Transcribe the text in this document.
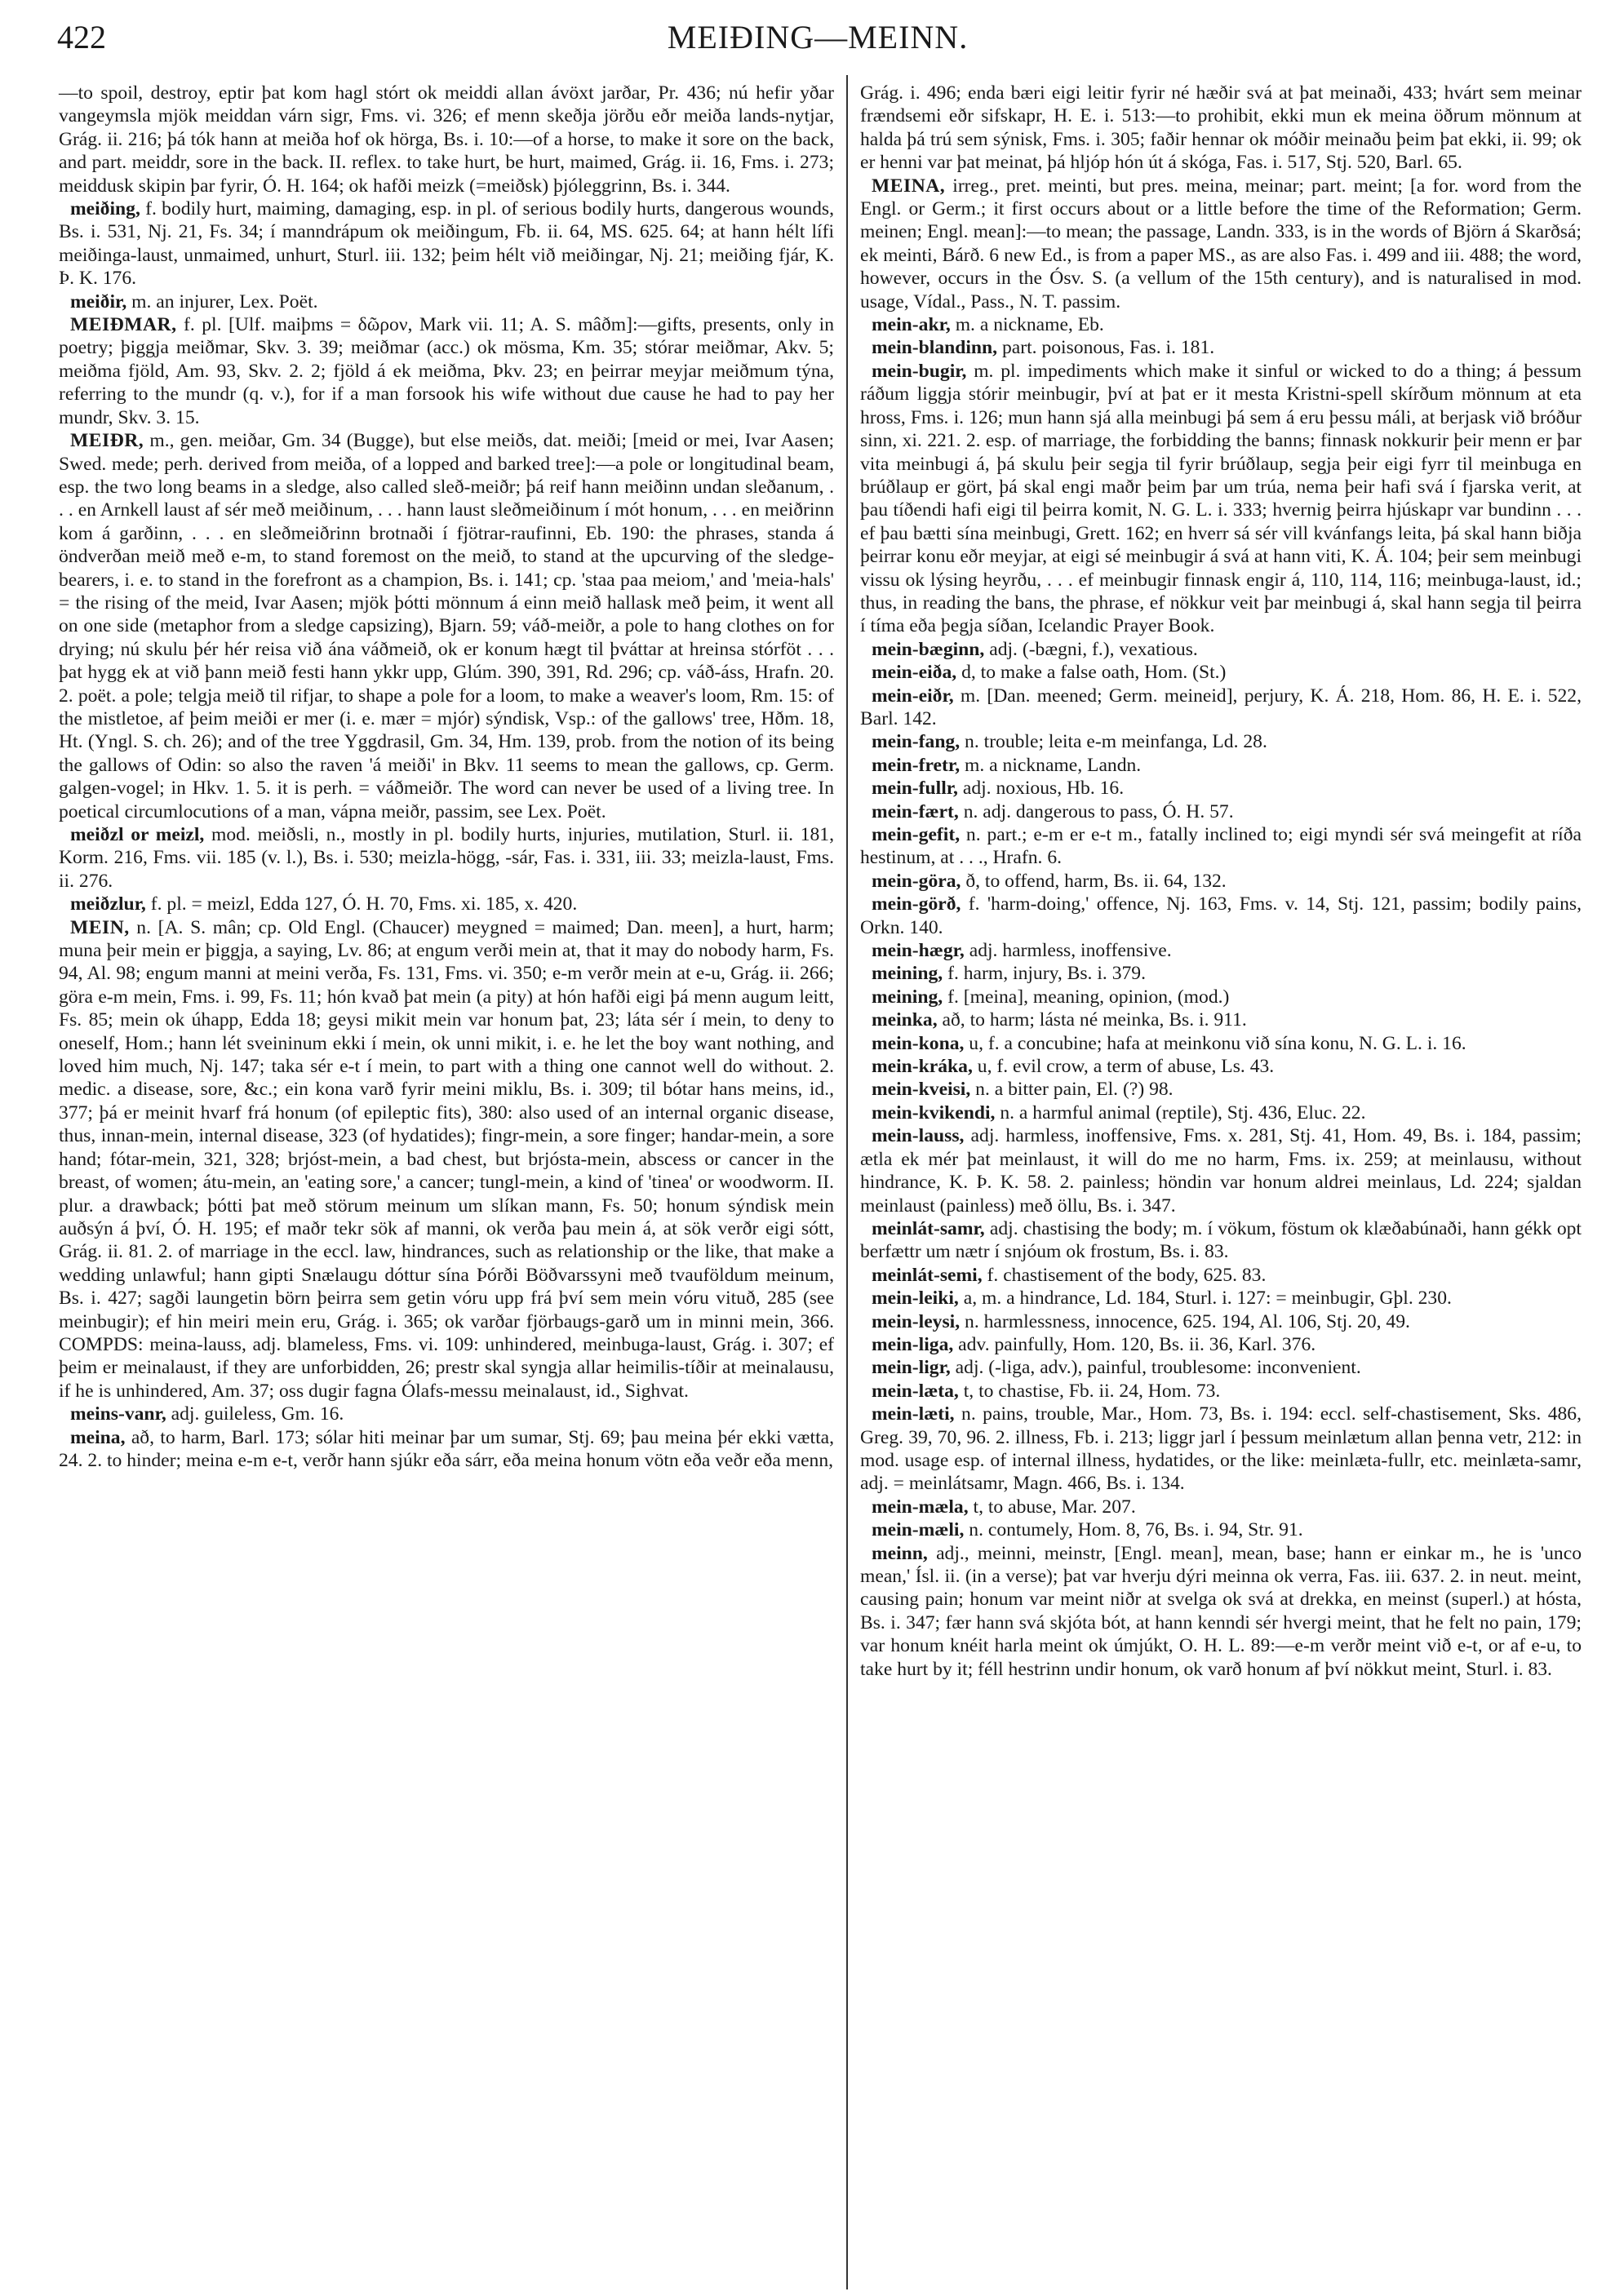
422	MEIÐING—MEINN.

—to spoil, destroy, eptir þat kom hagl stórt ok meiddi allan ávöxt jarðar, Pr. 436; nú hefir yðar vangeymsla mjök meiddan várn sigr, Fms. vi. 326; ef menn skeðja jörðu eðr meiða lands-nytjar, Grág. ii. 216; þá tók hann at meiða hof ok hörga, Bs. i. 10:—of a horse, to make it sore on the back, and part. meiddr, sore in the back. II. reflex. to take hurt, be hurt, maimed, Grág. ii. 16, Fms. i. 273; meiddusk skipin þar fyrir, Ó. H. 164; ok hafði meizk (=meiðsk) þjóleggrinn, Bs. i. 344.

meiðing, f. bodily hurt, maiming, damaging, esp. in pl. of serious bodily hurts, dangerous wounds, Bs. i. 531, Nj. 21, Fs. 34; í manndrápum ok meiðingum, Fb. ii. 64, MS. 625. 64; at hann hélt lífi meiðinga-laust, unmaimed, unhurt, Sturl. iii. 132; þeim hélt við meiðingar, Nj. 21; meiðing fjár, K. Þ. K. 176.

meiðir, m. an injurer, Lex. Poët.

MEIÐMAR, f. pl. [Ulf. maiþms = δῶρον, Mark vii. 11; A. S. mâðm]:—gifts, presents, only in poetry; þiggja meiðmar, Skv. 3. 39; meiðmar (acc.) ok mösma, Km. 35; stórar meiðmar, Akv. 5; meiðma fjöld, Am. 93, Skv. 2. 2; fjöld á ek meiðma, Þkv. 23; en þeirrar meyjar meiðmum týna, referring to the mundr (q. v.), for if a man forsook his wife without due cause he had to pay her mundr, Skv. 3. 15.

MEIÐR, m., gen. meiðar, Gm. 34 (Bugge), but else meiðs, dat. meiði; [meid or mei, Ivar Aasen; Swed. mede; perh. derived from meiða, of a lopped and barked tree]:—a pole or longitudinal beam, esp. the two long beams in a sledge, also called sleð-meiðr; þá reif hann meiðinn undan sleðanum, . . . en Arnkell laust af sér með meiðinum, . . . hann laust sleðmeiðinum í mót honum, . . . en meiðrinn kom á garðinn, . . . en sleðmeiðrinn brotnaði í fjötrar-raufinni, Eb. 190: the phrases, standa á öndverðan meið með e-m, to stand foremost on the meið, to stand at the upcurving of the sledge-bearers, i. e. to stand in the forefront as a champion, Bs. i. 141; cp. 'staa paa meiom,' and 'meia-hals' = the rising of the meid, Ivar Aasen; mjök þótti mönnum á einn meið hallask með þeim, it went all on one side (metaphor from a sledge capsizing), Bjarn. 59; váð-meiðr, a pole to hang clothes on for drying; nú skulu þér hér reisa við ána váðmeið, ok er konum hægt til þváttar at hreinsa stórföt . . . þat hygg ek at við þann meið festi hann ykkr upp, Glúm. 390, 391, Rd. 296; cp. váð-áss, Hrafn. 20. 2. poët. a pole; telgja meið til rifjar, to shape a pole for a loom, to make a weaver's loom, Rm. 15: of the mistletoe, af þeim meiði er mer (i. e. mær = mjór) sýndisk, Vsp.: of the gallows' tree, Hðm. 18, Ht. (Yngl. S. ch. 26); and of the tree Yggdrasil, Gm. 34, Hm. 139, prob. from the notion of its being the gallows of Odin: so also the raven 'á meiði' in Bkv. 11 seems to mean the gallows, cp. Germ. galgen-vogel; in Hkv. 1. 5. it is perh. = váðmeiðr. The word can never be used of a living tree. In poetical circumlocutions of a man, vápna meiðr, passim, see Lex. Poët.

meiðzl or meizl, mod. meiðsli, n., mostly in pl. bodily hurts, injuries, mutilation, Sturl. ii. 181, Korm. 216, Fms. vii. 185 (v. l.), Bs. i. 530; meizla-högg, -sár, Fas. i. 331, iii. 33; meizla-laust, Fms. ii. 276.

meiðzlur, f. pl. = meizl, Edda 127, Ó. H. 70, Fms. xi. 185, x. 420.

MEIN, n. [A. S. mân; cp. Old Engl. (Chaucer) meygned = maimed; Dan. meen], a hurt, harm; muna þeir mein er þiggja, a saying, Lv. 86; at engum verði mein at, that it may do nobody harm, Fs. 94, Al. 98; engum manni at meini verða, Fs. 131, Fms. vi. 350; e-m verðr mein at e-u, Grág. ii. 266; göra e-m mein, Fms. i. 99, Fs. 11; hón kvað þat mein (a pity) at hón hafði eigi þá menn augum leitt, Fs. 85; mein ok úhapp, Edda 18; geysi mikit mein var honum þat, 23; láta sér í mein, to deny to oneself, Hom.; hann lét sveininum ekki í mein, ok unni mikit, i. e. he let the boy want nothing, and loved him much, Nj. 147; taka sér e-t í mein, to part with a thing one cannot well do without. 2. medic. a disease, sore, &c.; ein kona varð fyrir meini miklu, Bs. i. 309; til bótar hans meins, id., 377; þá er meinit hvarf frá honum (of epileptic fits), 380: also used of an internal organic disease, thus, innan-mein, internal disease, 323 (of hydatides); fingr-mein, a sore finger; handar-mein, a sore hand; fótar-mein, 321, 328; brjóst-mein, a bad chest, but brjósta-mein, abscess or cancer in the breast, of women; átu-mein, an 'eating sore,' a cancer; tungl-mein, a kind of 'tinea' or woodworm. II. plur. a drawback; þótti þat með störum meinum um slíkan mann, Fs. 50; honum sýndisk mein auðsýn á því, Ó. H. 195; ef maðr tekr sök af manni, ok verða þau mein á, at sök verðr eigi sótt, Grág. ii. 81. 2. of marriage in the eccl. law, hindrances, such as relationship or the like, that make a wedding unlawful; hann gipti Snælaugu dóttur sína Þórði Böðvarssyni með tvauföldum meinum, Bs. i. 427; sagði laungetin börn þeirra sem getin vóru upp frá því sem mein vóru vituð, 285 (see meinbugir); ef hin meiri mein eru, Grág. i. 365; ok varðar fjörbaugs-garð um in minni mein, 366. COMPDS: meina-lauss, adj. blameless, Fms. vi. 109: unhindered, meinbuga-laust, Grág. i. 307; ef þeim er meinalaust, if they are unforbidden, 26; prestr skal syngja allar heimilis-tíðir at meinalausu, if he is unhindered, Am. 37; oss dugir fagna Ólafs-messu meinalaust, id., Sighvat.

meins-vanr, adj. guileless, Gm. 16.

meina, að, to harm, Barl. 173; sólar hiti meinar þar um sumar, Stj. 69; þau meina þér ekki vætta, 24. 2. to hinder; meina e-m e-t, verðr hann sjúkr eða sárr, eða meina honum vötn eða veðr eða menn,

Grág. i. 496; enda bæri eigi leitir fyrir né hæðir svá at þat meinaði, 433; hvárt sem meinar frændsemi eðr sifskapr, H. E. i. 513:—to prohibit, ekki mun ek meina öðrum mönnum at halda þá trú sem sýnisk, Fms. i. 305; faðir hennar ok móðir meinaðu þeim þat ekki, ii. 99; ok er henni var þat meinat, þá hljóp hón út á skóga, Fas. i. 517, Stj. 520, Barl. 65.

MEINA, irreg., pret. meinti, but pres. meina, meinar; part. meint; [a for. word from the Engl. or Germ.; it first occurs about or a little before the time of the Reformation; Germ. meinen; Engl. mean]:—to mean; the passage, Landn. 333, is in the words of Björn á Skarðsá; ek meinti, Bárð. 6 new Ed., is from a paper MS., as are also Fas. i. 499 and iii. 488; the word, however, occurs in the Ósv. S. (a vellum of the 15th century), and is naturalised in mod. usage, Vídal., Pass., N. T. passim.

mein-akr, m. a nickname, Eb.

mein-blandinn, part. poisonous, Fas. i. 181.

mein-bugir, m. pl. impediments which make it sinful or wicked to do a thing; á þessum ráðum liggja stórir meinbugir, því at þat er it mesta Kristni-spell skírðum mönnum at eta hross, Fms. i. 126; mun hann sjá alla meinbugi þá sem á eru þessu máli, at berjask við bróður sinn, xi. 221. 2. esp. of marriage, the forbidding the banns; finnask nokkurir þeir menn er þar vita meinbugi á, þá skulu þeir segja til fyrir brúðlaup, segja þeir eigi fyrr til meinbuga en brúðlaup er gört, þá skal engi maðr þeim þar um trúa, nema þeir hafi svá í fjarska verit, at þau tíðendi hafi eigi til þeirra komit, N. G. L. i. 333; hvernig þeirra hjúskapr var bundinn . . . ef þau bætti sína meinbugi, Grett. 162; en hverr sá sér vill kvánfangs leita, þá skal hann biðja þeirrar konu eðr meyjar, at eigi sé meinbugir á svá at hann viti, K. Á. 104; þeir sem meinbugi vissu ok lýsing heyrðu, . . . ef meinbugir finnask engir á, 110, 114, 116; meinbuga-laust, id.; thus, in reading the bans, the phrase, ef nökkur veit þar meinbugi á, skal hann segja til þeirra í tíma eða þegja síðan, Icelandic Prayer Book.

mein-bæginn, adj. (-bægni, f.), vexatious.

mein-eiða, d, to make a false oath, Hom. (St.)

mein-eiðr, m. [Dan. meened; Germ. meineid], perjury, K. Á. 218, Hom. 86, H. E. i. 522, Barl. 142.

mein-fang, n. trouble; leita e-m meinfanga, Ld. 28.

mein-fretr, m. a nickname, Landn.

mein-fullr, adj. noxious, Hb. 16.

mein-fært, n. adj. dangerous to pass, Ó. H. 57.

mein-gefit, n. part.; e-m er e-t m., fatally inclined to; eigi myndi sér svá meingefit at ríða hestinum, at . . ., Hrafn. 6.

mein-göra, ð, to offend, harm, Bs. ii. 64, 132.

mein-görð, f. 'harm-doing,' offence, Nj. 163, Fms. v. 14, Stj. 121, passim; bodily pains, Orkn. 140.

mein-hægr, adj. harmless, inoffensive.

meining, f. harm, injury, Bs. i. 379.

meining, f. [meina], meaning, opinion, (mod.)

meinka, að, to harm; lásta né meinka, Bs. i. 911.

mein-kona, u, f. a concubine; hafa at meinkonu við sína konu, N. G. L. i. 16.

mein-kráka, u, f. evil crow, a term of abuse, Ls. 43.

mein-kveisi, n. a bitter pain, El. (?) 98.

mein-kvikendi, n. a harmful animal (reptile), Stj. 436, Eluc. 22.

mein-lauss, adj. harmless, inoffensive, Fms. x. 281, Stj. 41, Hom. 49, Bs. i. 184, passim; ætla ek mér þat meinlaust, it will do me no harm, Fms. ix. 259; at meinlausu, without hindrance, K. Þ. K. 58. 2. painless; höndin var honum aldrei meinlaus, Ld. 224; sjaldan meinlaust (painless) með öllu, Bs. i. 347.

meinlát-samr, adj. chastising the body; m. í vökum, föstum ok klæðabúnaði, hann gékk opt berfættr um nætr í snjóum ok frostum, Bs. i. 83.

meinlát-semi, f. chastisement of the body, 625. 83.

mein-leiki, a, m. a hindrance, Ld. 184, Sturl. i. 127: = meinbugir, Gþl. 230.

mein-leysi, n. harmlessness, innocence, 625. 194, Al. 106, Stj. 20, 49.

mein-liga, adv. painfully, Hom. 120, Bs. ii. 36, Karl. 376.

mein-ligr, adj. (-liga, adv.), painful, troublesome: inconvenient.

mein-læta, t, to chastise, Fb. ii. 24, Hom. 73.

mein-læti, n. pains, trouble, Mar., Hom. 73, Bs. i. 194: eccl. self-chastisement, Sks. 486, Greg. 39, 70, 96. 2. illness, Fb. i. 213; liggr jarl í þessum meinlætum allan þenna vetr, 212: in mod. usage esp. of internal illness, hydatides, or the like: meinlæta-fullr, etc. meinlæta-samr, adj. = meinlátsamr, Magn. 466, Bs. i. 134.

mein-mæla, t, to abuse, Mar. 207.

mein-mæli, n. contumely, Hom. 8, 76, Bs. i. 94, Str. 91.

meinn, adj., meinni, meinstr, [Engl. mean], mean, base; hann er einkar m., he is 'unco mean,' Ísl. ii. (in a verse); þat var hverju dýri meinna ok verra, Fas. iii. 637. 2. in neut. meint, causing pain; honum var meint niðr at svelga ok svá at drekka, en meinst (superl.) at hósta, Bs. i. 347; fær hann svá skjóta bót, at hann kenndi sér hvergi meint, that he felt no pain, 179; var honum knéit harla meint ok úmjúkt, O. H. L. 89:—e-m verðr meint við e-t, or af e-u, to take hurt by it; féll hestrinn undir honum, ok varð honum af því nökkut meint, Sturl. i. 83.
